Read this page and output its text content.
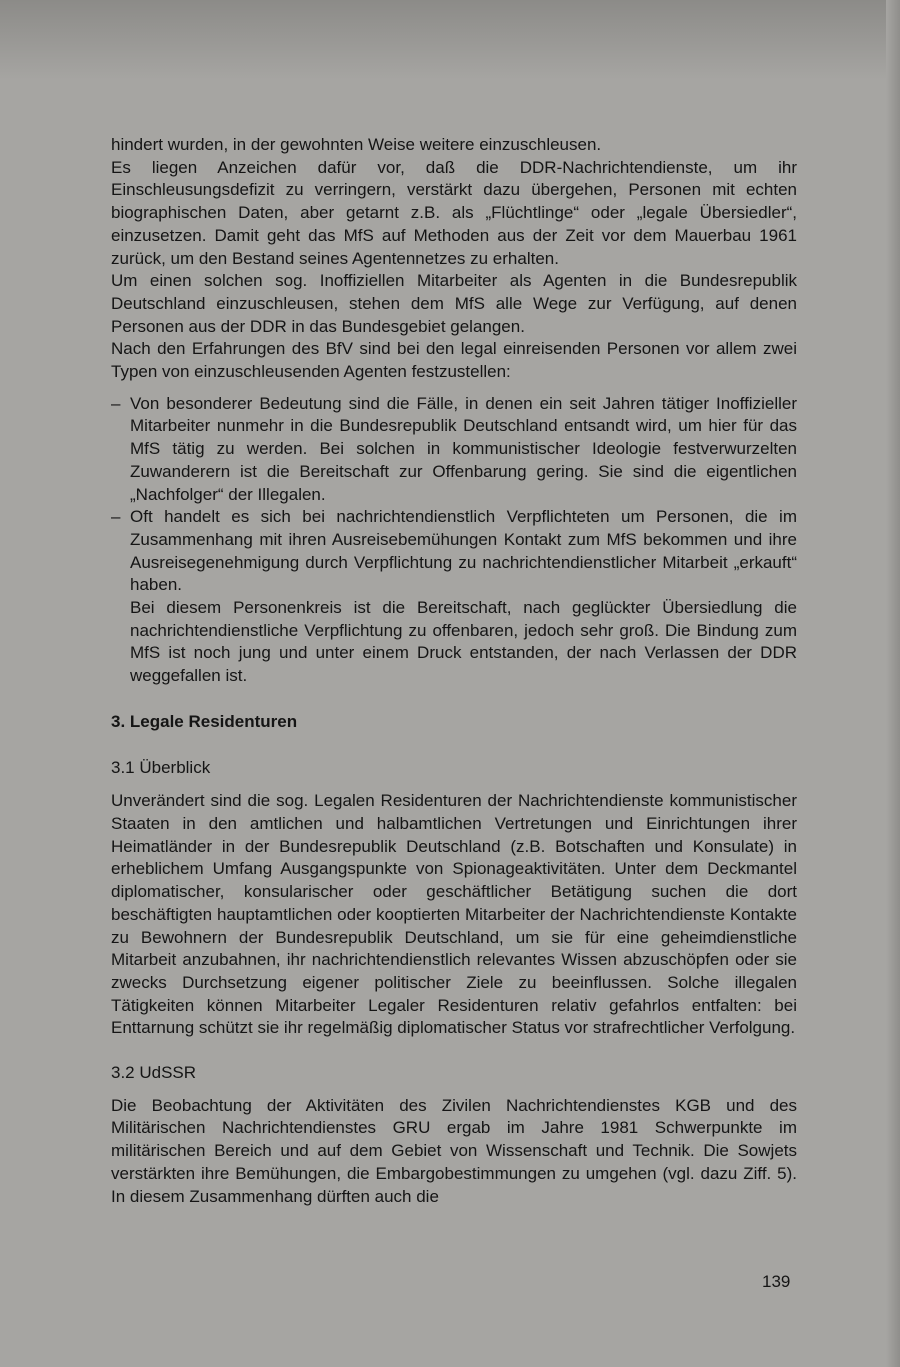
hindert wurden, in der gewohnten Weise weitere einzuschleusen.

Es liegen Anzeichen dafür vor, daß die DDR-Nachrichtendienste, um ihr Einschleusungsdefizit zu verringern, verstärkt dazu übergehen, Personen mit echten biographischen Daten, aber getarnt z.B. als „Flüchtlinge“ oder „legale Übersiedler“, einzusetzen. Damit geht das MfS auf Methoden aus der Zeit vor dem Mauerbau 1961 zurück, um den Bestand seines Agentennetzes zu erhalten.

Um einen solchen sog. Inoffiziellen Mitarbeiter als Agenten in die Bundesrepublik Deutschland einzuschleusen, stehen dem MfS alle Wege zur Verfügung, auf denen Personen aus der DDR in das Bundesgebiet gelangen.

Nach den Erfahrungen des BfV sind bei den legal einreisenden Personen vor allem zwei Typen von einzuschleusenden Agenten festzustellen:

– Von besonderer Bedeutung sind die Fälle, in denen ein seit Jahren tätiger Inoffizieller Mitarbeiter nunmehr in die Bundesrepublik Deutschland entsandt wird, um hier für das MfS tätig zu werden. Bei solchen in kommunistischer Ideologie festverwurzelten Zuwanderern ist die Bereitschaft zur Offenbarung gering. Sie sind die eigentlichen „Nachfolger“ der Illegalen.
– Oft handelt es sich bei nachrichtendienstlich Verpflichteten um Personen, die im Zusammenhang mit ihren Ausreisebemühungen Kontakt zum MfS bekommen und ihre Ausreisegenehmigung durch Verpflichtung zu nachrichtendienstlicher Mitarbeit „erkauft“ haben.

Bei diesem Personenkreis ist die Bereitschaft, nach geglückter Übersiedlung die nachrichtendienstliche Verpflichtung zu offenbaren, jedoch sehr groß. Die Bindung zum MfS ist noch jung und unter einem Druck entstanden, der nach Verlassen der DDR weggefallen ist.

3. Legale Residenturen

3.1 Überblick

Unverändert sind die sog. Legalen Residenturen der Nachrichtendienste kommunistischer Staaten in den amtlichen und halbamtlichen Vertretungen und Einrichtungen ihrer Heimatländer in der Bundesrepublik Deutschland (z.B. Botschaften und Konsulate) in erheblichem Umfang Ausgangspunkte von Spionageaktivitäten. Unter dem Deckmantel diplomatischer, konsularischer oder geschäftlicher Betätigung suchen die dort beschäftigten hauptamtlichen oder kooptierten Mitarbeiter der Nachrichtendienste Kontakte zu Bewohnern der Bundesrepublik Deutschland, um sie für eine geheimdienstliche Mitarbeit anzubahnen, ihr nachrichtendienstlich relevantes Wissen abzuschöpfen oder sie zwecks Durchsetzung eigener politischer Ziele zu beeinflussen. Solche illegalen Tätigkeiten können Mitarbeiter Legaler Residenturen relativ gefahrlos entfalten: bei Enttarnung schützt sie ihr regelmäßig diplomatischer Status vor strafrechtlicher Verfolgung.

3.2 UdSSR

Die Beobachtung der Aktivitäten des Zivilen Nachrichtendienstes KGB und des Militärischen Nachrichtendienstes GRU ergab im Jahre 1981 Schwerpunkte im militärischen Bereich und auf dem Gebiet von Wissenschaft und Technik. Die Sowjets verstärkten ihre Bemühungen, die Embargobestimmungen zu umgehen (vgl. dazu Ziff. 5). In diesem Zusammenhang dürften auch die

139
